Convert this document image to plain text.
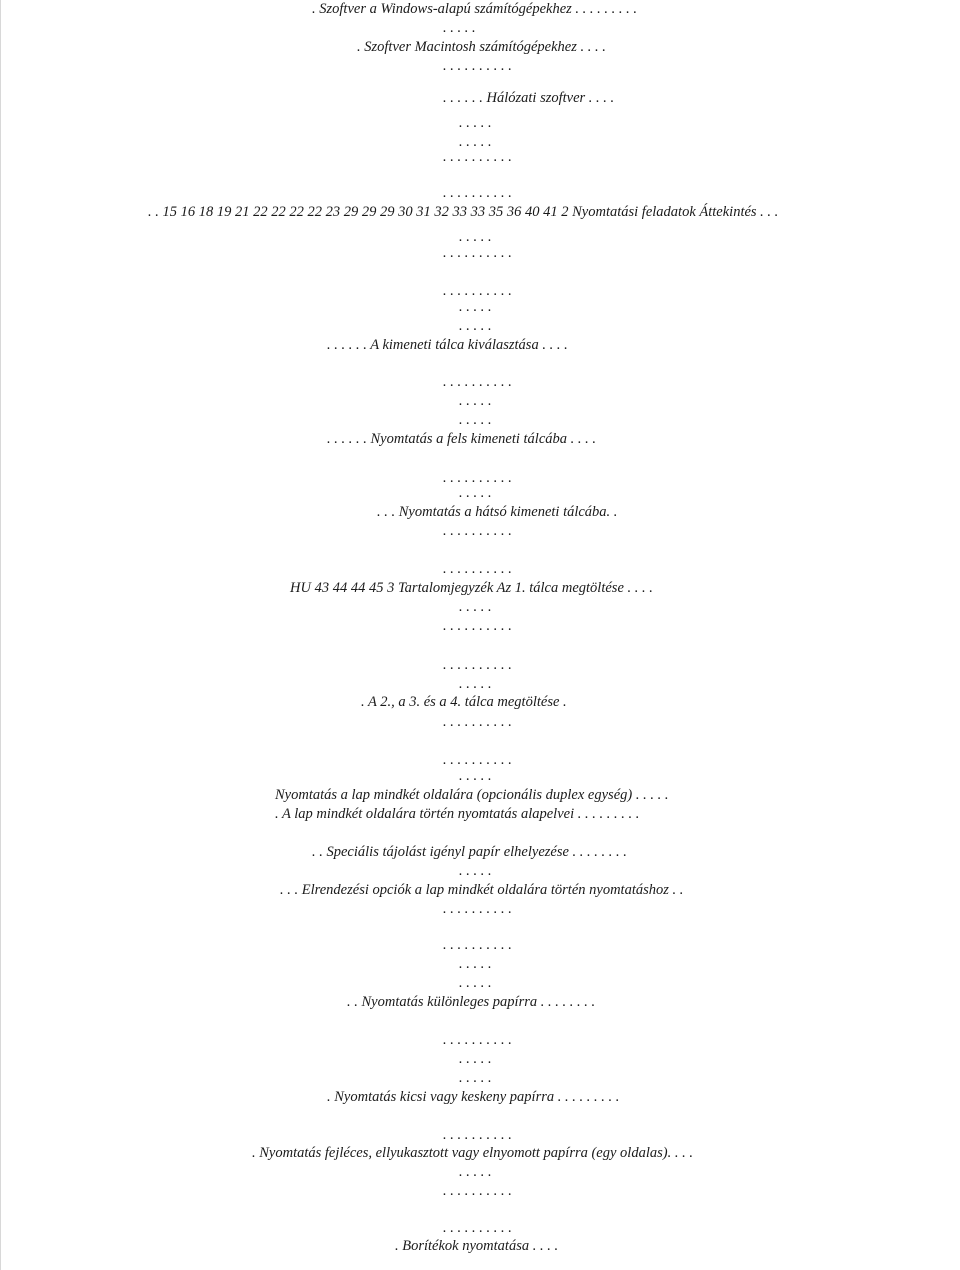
. Szoftver a Windows-alapú számítógépekhez . . . . . . . . .
. . . . .
. Szoftver Macintosh számítógépekhez . . . .
. . . . . . . . . .
. . . . . . Hálózati szoftver . . . .
. . . . .
. . . . .
. . . . . . . . . .
. . . . . . . . . .
. . 15 16 18 19 21 22 22 22 22 23 29 29 29 30 31 32 33 33 35 36 40 41 2 Nyomtatási feladatok Áttekintés . . .
. . . . .
. . . . . . . . . .
. . . . . . . . . .
. . . . .
. . . . .
. . . . . . A kimeneti tálca kiválasztása . . . .
. . . . . . . . . .
. . . . .
. . . . .
. . . . . . Nyomtatás a fels kimeneti tálcába . . . .
. . . . . . . . . .
. . . . .
. . . Nyomtatás a hátsó kimeneti tálcába. .
. . . . . . . . . .
. . . . . . . . . .
HU 43 44 44 45 3 Tartalomjegyzék Az 1. tálca megtöltése . . . .
. . . . .
. . . . . . . . . .
. . . . . . . . . .
. . . . .
. A 2., a 3. és a 4. tálca megtöltése .
. . . . . . . . . .
. . . . . . . . . .
. . . . .
Nyomtatás a lap mindkét oldalára (opcionális duplex egység) . . . . .
. A lap mindkét oldalára történ nyomtatás alapelvei . . . . . . . . .
. . Speciális tájolást igényl papír elhelyezése . . . . . . . .
. . . . .
. . . Elrendezési opciók a lap mindkét oldalára történ nyomtatáshoz . .
. . . . . . . . . .
. . . . . . . . . .
. . . . .
. . . . .
. . Nyomtatás különleges papírra . . . . . . . .
. . . . . . . . . .
. . . . .
. . . . .
. Nyomtatás kicsi vagy keskeny papírra . . . . . . . . .
. . . . . . . . . .
. Nyomtatás fejléces, ellyukasztott vagy elnyomott papírra (egy oldalas). . . .
. . . . .
. . . . . . . . . .
. . . . . . . . . .
. Borítékok nyomtatása . . . .
